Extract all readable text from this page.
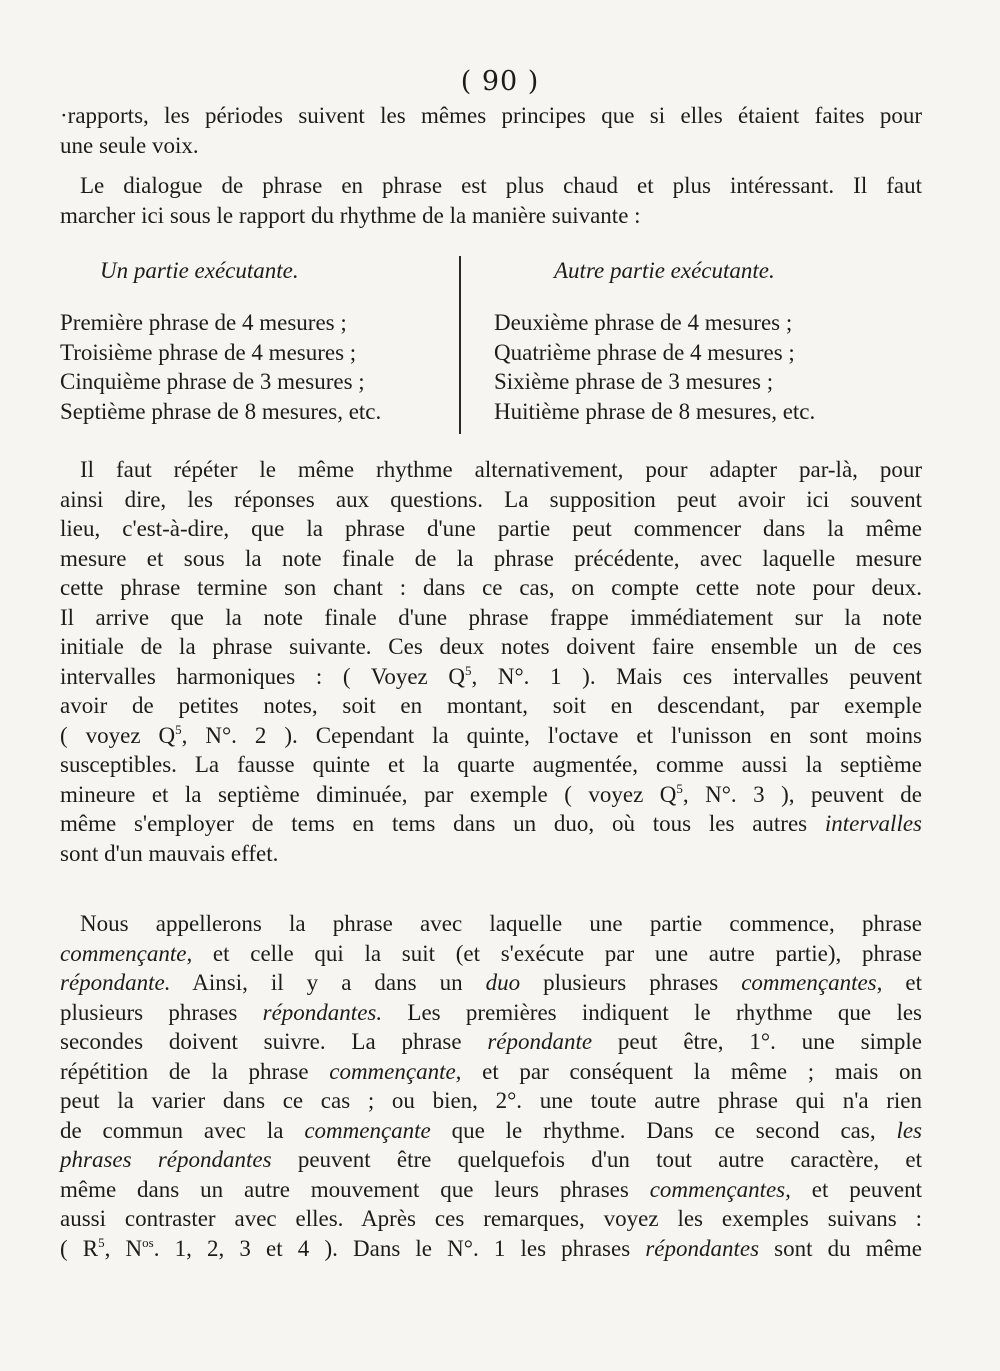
( 90 )
·rapports, les périodes suivent les mêmes principes que si elles étaient faites pour
une seule voix.
Le dialogue de phrase en phrase est plus chaud et plus intéressant. Il faut
marcher ici sous le rapport du rhythme de la manière suivante :
Un partie exécutante.
Première phrase de 4 mesures ;
Troisième phrase de 4 mesures ;
Cinquième phrase de 3 mesures ;
Septième phrase de 8 mesures, etc.
Autre partie exécutante.
Deuxième phrase de 4 mesures ;
Quatrième phrase de 4 mesures ;
Sixième phrase de 3 mesures ;
Huitième phrase de 8 mesures, etc.
Il faut répéter le même rhythme alternativement, pour adapter par-là, pour
ainsi dire, les réponses aux questions. La supposition peut avoir ici souvent
lieu, c'est-à-dire, que la phrase d'une partie peut commencer dans la même
mesure et sous la note finale de la phrase précédente, avec laquelle mesure
cette phrase termine son chant : dans ce cas, on compte cette note pour deux.
Il arrive que la note finale d'une phrase frappe immédiatement sur la note
initiale de la phrase suivante. Ces deux notes doivent faire ensemble un de ces
intervalles harmoniques : ( Voyez $Q^5$, N°. 1 ). Mais ces intervalles peuvent
avoir de petites notes, soit en montant, soit en descendant, par exemple
( voyez $Q^5$, N°. 2 ). Cependant la quinte, l'octave et l'unisson en sont moins
susceptibles. La fausse quinte et la quarte augmentée, comme aussi la septième
mineure et la septième diminuée, par exemple ( voyez $Q^5$, N°. 3 ), peuvent de
même s'employer de tems en tems dans un duo, où tous les autres intervalles
sont d'un mauvais effet.
Nous appellerons la phrase avec laquelle une partie commence, phrase
commençante, et celle qui la suit (et s'exécute par une autre partie), phrase
répondante. Ainsi, il y a dans un duo plusieurs phrases commençantes, et
plusieurs phrases répondantes. Les premières indiquent le rhythme que les
secondes doivent suivre. La phrase répondante peut être, 1°. une simple
répétition de la phrase commençante, et par conséquent la même ; mais on
peut la varier dans ce cas ; ou bien, 2°. une toute autre phrase qui n'a rien
de commun avec la commençante que le rhythme. Dans ce second cas, les
phrases répondantes peuvent être quelquefois d'un tout autre caractère, et
même dans un autre mouvement que leurs phrases commençantes, et peuvent
aussi contraster avec elles. Après ces remarques, voyez les exemples suivans :
( $R^5$, $N^{os}$. 1, 2, 3 et 4 ). Dans le N°. 1 les phrases répondantes sont du même
